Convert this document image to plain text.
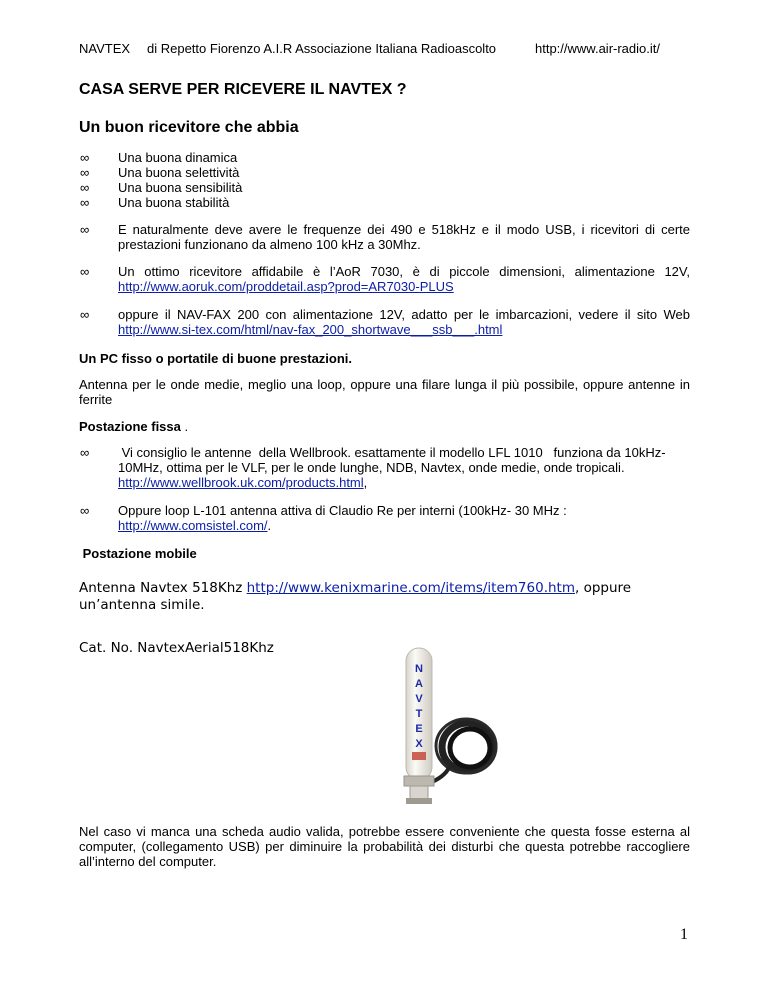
NAVTEX di Repetto Fiorenzo A.I.R Associazione Italiana Radioascolto	http://www.air-radio.it/
CASA SERVE PER RICEVERE IL NAVTEX ?
Un buon ricevitore che abbia
∞ Una buona dinamica
∞ Una buona selettività
∞ Una buona sensibilità
∞ Una buona stabilità
∞ E naturalmente deve avere le frequenze dei 490 e 518kHz e il modo USB, i ricevitori di certe
prestazioni funzionano da almeno 100 kHz a 30Mhz.
∞ Un ottimo ricevitore affidabile è l’AoR 7030, è di piccole dimensioni, alimentazione 12V,
http://www.aoruk.com/proddetail.asp?prod=AR7030-PLUS
∞ oppure il NAV-FAX 200 con alimentazione 12V, adatto per le imbarcazioni, vedere il sito Web
http://www.si-tex.com/html/nav-fax_200_shortwave___ssb___.html
Un PC fisso o portatile di buone prestazioni.
Antenna per le onde medie, meglio una loop, oppure una filare lunga il più possibile, oppure antenne in
ferrite
Postazione fissa .
∞ Vi consiglio le antenne  della Wellbrook. esattamente il modello LFL 1010   funziona da 10kHz-
10MHz, ottima per le VLF, per le onde lunghe, NDB, Navtex, onde medie, onde tropicali.
http://www.wellbrook.uk.com/products.html,
∞ Oppure loop L-101 antenna attiva di Claudio Re per interni (100kHz- 30 MHz :
http://www.comsistel.com/.
Postazione mobile
Antenna Navtex 518Khz http://www.kenixmarine.com/items/item760.htm, oppure
un’antenna simile.
Cat. No. NavtexAerial518Khz
N
A
V
T
E
X
Nel caso vi manca una scheda audio valida, potrebbe essere conveniente che questa fosse esterna al
computer, (collegamento USB) per diminuire la probabilità dei disturbi che questa potrebbe raccogliere
all’interno del computer.
1
